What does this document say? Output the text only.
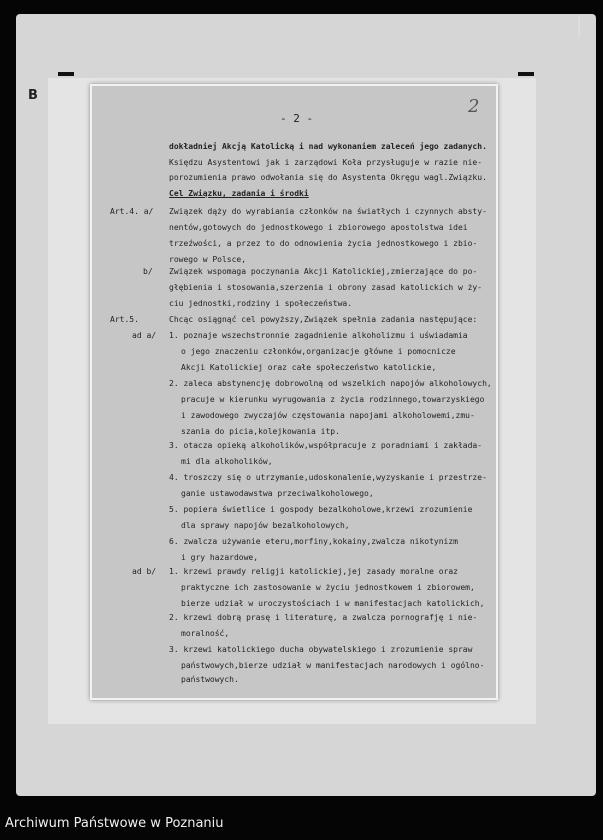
B
- 2 -
2
dokładniej Akcją Katolicką i nad wykonaniem zaleceń jego zadanych.
Księdzu Asystentowi jak i zarządowi Koła przysługuje w razie nie-
porozumienia prawo odwołania się do Asystenta Okręgu wagl.Związku.
Cel Związku, zadania i środki
Art.4. a/ Związek dąży do wyrabiania członków na światłych i czynnych absty-
nentów,gotowych do jednostkowego i zbiorowego apostolstwa idei
trzeźwości, a przez to do odnowienia życia jednostkowego i zbio-
rowego w Polsce,
b/ Związek wspomaga poczynania Akcji Katolickiej,zmierzające do po-
głębienia i stosowania,szerzenia i obrony zasad katolickich w ży-
ciu jednostki,rodziny i społeczeństwa.
Art.5.	Chcąc osiągnąć cel powyższy,Związek spełnia zadania następujące:
ad a/ 1. poznaje wszechstronnie zagadnienie alkoholizmu i uświadamia
o jego znaczeniu członków,organizacje główne i pomocnicze
Akcji Katolickiej oraz całe społeczeństwo katolickie,
2. zaleca abstynencję dobrowolną od wszelkich napojów alkoholowych,
pracuje w kierunku wyrugowania z życia rodzinnego,towarzyskiego
i zawodowego zwyczajów częstowania napojami alkoholowemi,zmu-
szania do picia,kolejkowania itp.
3. otacza opieką alkoholików,współpracuje z poradniami i zakłada-
mi dla alkoholików,
4. troszczy się o utrzymanie,udoskonalenie,wyzyskanie i przestrze-
ganie ustawodawstwa przeciwalkoholowego,
5. popiera świetlice i gospody bezalkoholowe,krzewi zrozumienie
dla sprawy napojów bezalkoholowych,
6. zwalcza używanie eteru,morfiny,kokainy,zwalcza nikotynizm
i gry hazardowe,
ad b/ 1. krzewi prawdy religji katolickiej,jej zasady moralne oraz
praktyczne ich zastosowanie w życiu jednostkowem i zbiorowem,
bierze udział w uroczystościach i w manifestacjach katolickich,
2. krzewi dobrą prasę i literaturę, a zwalcza pornografję i nie-
moralność,
3. krzewi katolickiego ducha obywatelskiego i zrozumienie spraw
państwowych,bierze udział w manifestacjach narodowych i ogólno-
państwowych.
Archiwum Państwowe w Poznaniu
